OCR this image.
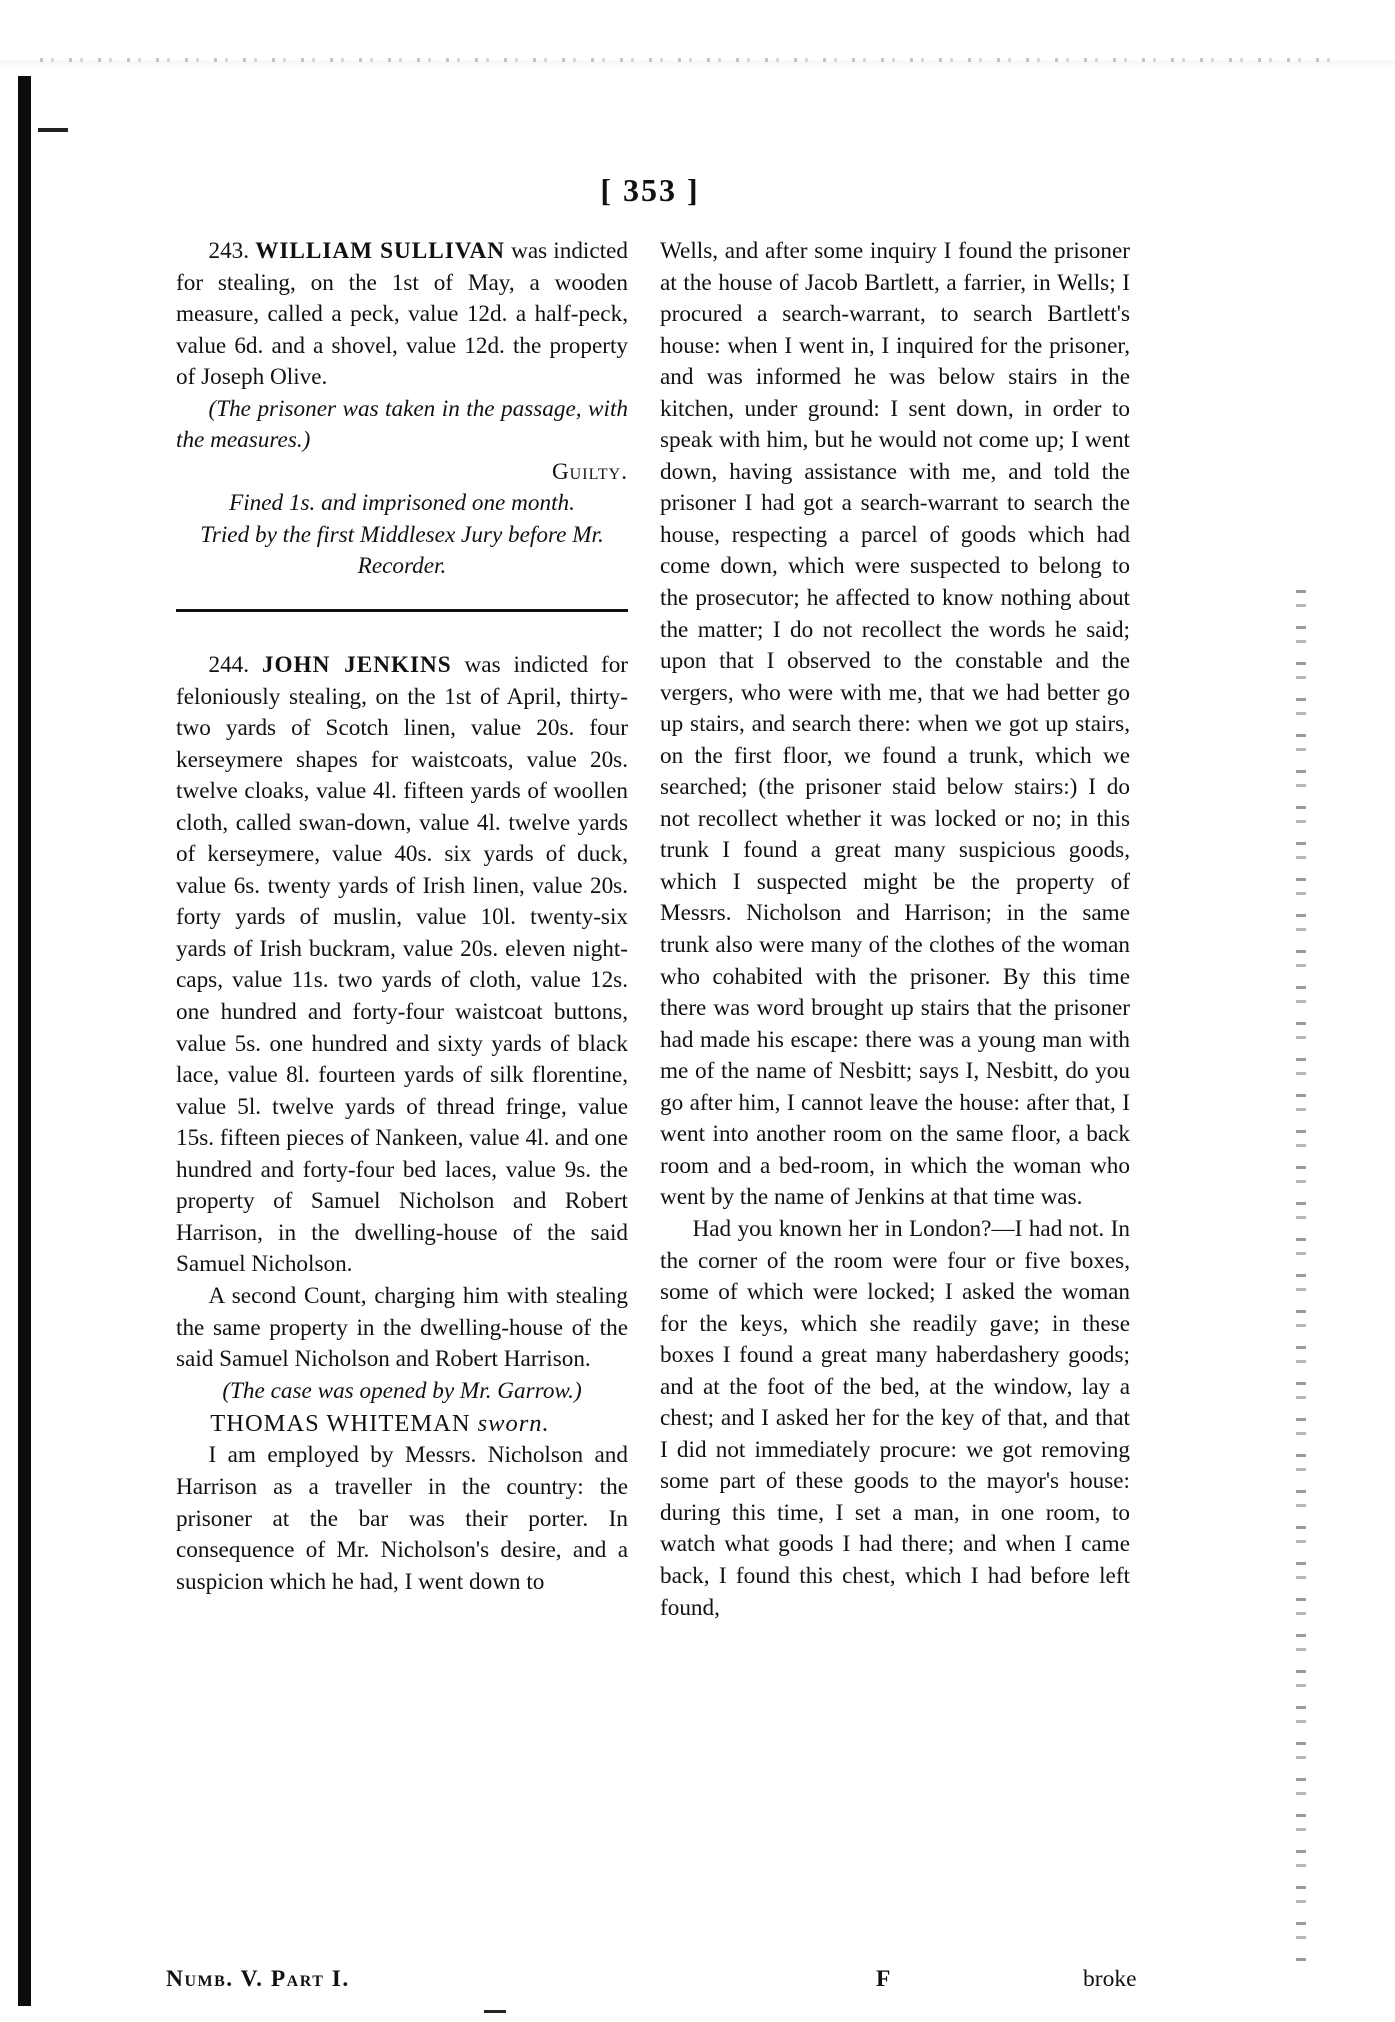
[ 353 ]

243. WILLIAM SULLIVAN was indicted for stealing, on the 1st of May, a wooden measure, called a peck, value 12d. a half-peck, value 6d. and a shovel, value 12d. the property of Joseph Olive.

(The prisoner was taken in the passage, with the measures.)

Guilty.

Fined 1s. and imprisoned one month.

Tried by the first Middlesex Jury before Mr. Recorder.

244. JOHN JENKINS was indicted for feloniously stealing, on the 1st of April, thirty-two yards of Scotch linen, value 20s. four kerseymere shapes for waistcoats, value 20s. twelve cloaks, value 4l. fifteen yards of woollen cloth, called swan-down, value 4l. twelve yards of kerseymere, value 40s. six yards of duck, value 6s. twenty yards of Irish linen, value 20s. forty yards of muslin, value 10l. twenty-six yards of Irish buckram, value 20s. eleven night-caps, value 11s. two yards of cloth, value 12s. one hundred and forty-four waistcoat buttons, value 5s. one hundred and sixty yards of black lace, value 8l. fourteen yards of silk florentine, value 5l. twelve yards of thread fringe, value 15s. fifteen pieces of Nankeen, value 4l. and one hundred and forty-four bed laces, value 9s. the property of Samuel Nicholson and Robert Harrison, in the dwelling-house of the said Samuel Nicholson.

A second Count, charging him with stealing the same property in the dwelling-house of the said Samuel Nicholson and Robert Harrison.

(The case was opened by Mr. Garrow.)

THOMAS WHITEMAN sworn.

I am employed by Messrs. Nicholson and Harrison as a traveller in the country: the prisoner at the bar was their porter. In consequence of Mr. Nicholson's desire, and a suspicion which he had, I went down to

Wells, and after some inquiry I found the prisoner at the house of Jacob Bartlett, a farrier, in Wells; I procured a search-warrant, to search Bartlett's house: when I went in, I inquired for the prisoner, and was informed he was below stairs in the kitchen, under ground: I sent down, in order to speak with him, but he would not come up; I went down, having assistance with me, and told the prisoner I had got a search-warrant to search the house, respecting a parcel of goods which had come down, which were suspected to belong to the prosecutor; he affected to know nothing about the matter; I do not recollect the words he said; upon that I observed to the constable and the vergers, who were with me, that we had better go up stairs, and search there: when we got up stairs, on the first floor, we found a trunk, which we searched; (the prisoner staid below stairs:) I do not recollect whether it was locked or no; in this trunk I found a great many suspicious goods, which I suspected might be the property of Messrs. Nicholson and Harrison; in the same trunk also were many of the clothes of the woman who cohabited with the prisoner. By this time there was word brought up stairs that the prisoner had made his escape: there was a young man with me of the name of Nesbitt; says I, Nesbitt, do you go after him, I cannot leave the house: after that, I went into another room on the same floor, a back room and a bed-room, in which the woman who went by the name of Jenkins at that time was.

Had you known her in London?—I had not. In the corner of the room were four or five boxes, some of which were locked; I asked the woman for the keys, which she readily gave; in these boxes I found a great many haberdashery goods; and at the foot of the bed, at the window, lay a chest; and I asked her for the key of that, and that I did not immediately procure: we got removing some part of these goods to the mayor's house: during this time, I set a man, in one room, to watch what goods I had there; and when I came back, I found this chest, which I had before left found,

Numb. V. Part I.	F	broke
